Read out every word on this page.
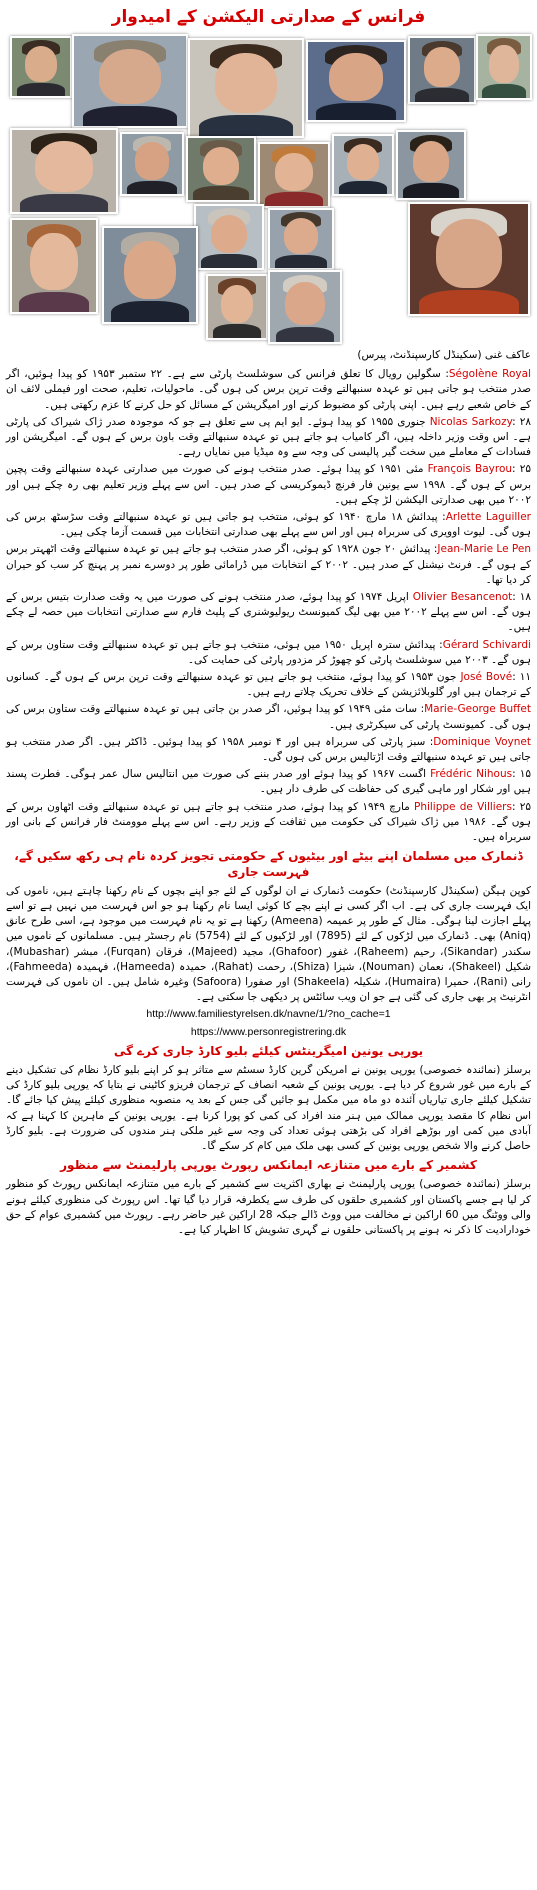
فرانس کے صدارتی الیکشن کے امیدوار

عاکف غنی (سکینڈل کارسپنڈنٹ، پیرس)

Ségolène Royal: سگولین رویال کا تعلق فرانس کی سوشلسٹ پارٹی سے ہے۔ ۲۲ ستمبر ۱۹۵۳ کو پیدا ہوئیں، اگر صدر منتخب ہو جاتی ہیں تو عہدہ سنبھالتے وقت ترپن برس کی ہوں گی۔ ماحولیات، تعلیم، صحت اور فیملی لائف ان کے خاص شعبے رہے ہیں۔ اپنی پارٹی کو مضبوط کرنے اور امیگریشن کے مسائل کو حل کرنے کا عزم رکھتی ہیں۔

Nicolas Sarkozy: ۲۸ جنوری ۱۹۵۵ کو پیدا ہوئے۔ ایو ایم پی سے تعلق ہے جو کہ موجودہ صدر ژاک شیراک کی پارٹی ہے۔ اس وقت وزیر داخلہ ہیں، اگر کامیاب ہو جاتے ہیں تو عہدہ سنبھالتے وقت باون برس کے ہوں گے۔ امیگریشن اور فسادات کے معاملے میں سخت گیر پالیسی کی وجہ سے وہ میڈیا میں نمایاں رہے۔

François Bayrou: ۲۵ مئی ۱۹۵۱ کو پیدا ہوئے۔ صدر منتخب ہونے کی صورت میں صدارتی عہدہ سنبھالتے وقت پچپن برس کے ہوں گے۔ ۱۹۹۸ سے یونین فار فرنچ ڈیموکریسی کے صدر ہیں۔ اس سے پہلے وزیر تعلیم بھی رہ چکے ہیں اور ۲۰۰۲ میں بھی صدارتی الیکشن لڑ چکے ہیں۔

Arlette Laguiller: پیدائش ۱۸ مارچ ۱۹۴۰ کو ہوئی، منتخب ہو جاتی ہیں تو عہدہ سنبھالتے وقت سڑسٹھ برس کی ہوں گی۔ لیوت اوویری کی سربراہ ہیں اور اس سے پہلے بھی صدارتی انتخابات میں قسمت آزما چکی ہیں۔

Jean-Marie Le Pen: پیدائش ۲۰ جون ۱۹۲۸ کو ہوئی، اگر صدر منتخب ہو جاتے ہیں تو عہدہ سنبھالتے وقت اٹھہتر برس کے ہوں گے۔ فرنٹ نیشنل کے صدر ہیں۔ ۲۰۰۲ کے انتخابات میں ڈرامائی طور پر دوسرے نمبر پر پہنچ کر سب کو حیران کر دیا تھا۔

Olivier Besancenot: ۱۸ اپریل ۱۹۷۴ کو پیدا ہوئے، صدر منتخب ہونے کی صورت میں یہ وقت صدارت بتیس برس کے ہوں گے۔ اس سے پہلے ۲۰۰۲ میں بھی لیگ کمیونسٹ ریولیوشنری کے پلیٹ فارم سے صدارتی انتخابات میں حصہ لے چکے ہیں۔

Gérard Schivardi: پیدائش سترہ اپریل ۱۹۵۰ میں ہوئی، منتخب ہو جاتے ہیں تو عہدہ سنبھالتے وقت ستاون برس کے ہوں گے۔ ۲۰۰۳ میں سوشلسٹ پارٹی کو چھوڑ کر مزدور پارٹی کی حمایت کی۔

José Bové: ۱۱ جون ۱۹۵۳ کو پیدا ہوئے، منتخب ہو جاتے ہیں تو عہدہ سنبھالتے وقت ترپن برس کے ہوں گے۔ کسانوں کے ترجمان ہیں اور گلوبلائزیشن کے خلاف تحریک چلاتے رہے ہیں۔

Marie-George Buffet: سات مئی ۱۹۴۹ کو پیدا ہوئیں، اگر صدر بن جاتی ہیں تو عہدہ سنبھالتے وقت ستاون برس کی ہوں گی۔ کمیونسٹ پارٹی کی سیکرٹری ہیں۔

Dominique Voynet: سبز پارٹی کی سربراہ ہیں اور ۴ نومبر ۱۹۵۸ کو پیدا ہوئیں۔ ڈاکٹر ہیں۔ اگر صدر منتخب ہو جاتی ہیں تو عہدہ سنبھالتے وقت اڑتالیس برس کی ہوں گی۔

Frédéric Nihous: ۱۵ اگست ۱۹۶۷ کو پیدا ہوئے اور صدر بننے کی صورت میں انتالیس سال عمر ہوگی۔ فطرت پسند ہیں اور شکار اور ماہی گیری کی حفاظت کی طرف دار ہیں۔

Philippe de Villiers: ۲۵ مارچ ۱۹۴۹ کو پیدا ہوئے، صدر منتخب ہو جاتے ہیں تو عہدہ سنبھالتے وقت اٹھاون برس کے ہوں گے۔ ۱۹۸۶ میں ژاک شیراک کی حکومت میں ثقافت کے وزیر رہے۔ اس سے پہلے موومنٹ فار فرانس کے بانی اور سربراہ ہیں۔

ڈنمارک میں مسلمان اپنے بیٹے اور بیٹیوں کے حکومتی تجویز کردہ نام ہی رکھ سکیں گے، فہرست جاری

کوپن ہیگن (سکینڈل کارسپنڈنٹ) حکومت ڈنمارک نے ان لوگوں کے لئے جو اپنے بچوں کے نام رکھنا چاہتے ہیں، ناموں کی ایک فہرست جاری کی ہے۔ اب اگر کسی نے اپنے بچے کا کوئی ایسا نام رکھنا ہو جو اس فہرست میں نہیں ہے تو اسے پہلے اجازت لینا ہوگی۔ مثال کے طور پر عمیمہ (Ameena) رکھنا ہے تو یہ نام فہرست میں موجود ہے، اسی طرح عانق (Aniq) بھی۔ ڈنمارک میں لڑکوں کے لئے (7895) اور لڑکیوں کے لئے (5754) نام رجسٹر ہیں۔ مسلمانوں کے ناموں میں سکندر (Sikandar)، رحیم (Raheem)، غفور (Ghafoor)، مجید (Majeed)، فرقان (Furqan)، مبشر (Mubashar)، شکیل (Shakeel)، نعمان (Nouman)، شیزا (Shiza)، رحمت (Rahat)، حمیدہ (Hameeda)، فہمیدہ (Fahmeeda)، رانی (Rani)، حمیرا (Humaira)، شکیلہ (Shakeela) اور صفورا (Safoora) وغیرہ شامل ہیں۔ ان ناموں کی فہرست انٹرنیٹ پر بھی جاری کی گئی ہے جو ان ویب سائٹس پر دیکھی جا سکتی ہے۔

http://www.familiestyrelsen.dk/navne/1/?no_cache=1

https://www.personregistrering.dk

یورپی یونین امیگرینٹس کیلئے بلیو کارڈ جاری کرے گی

برسلز (نمائندہ خصوصی) یورپی یونین نے امریکن گرین کارڈ سسٹم سے متاثر ہو کر اپنے بلیو کارڈ نظام کی تشکیل دینے کے بارے میں غور شروع کر دیا ہے۔ یورپی یونین کے شعبہ انصاف کے ترجمان فریزو کاٹینی نے بتایا کہ یورپی بلیو کارڈ کی تشکیل کیلئے جاری تیاریاں آئندہ دو ماہ میں مکمل ہو جائیں گی جس کے بعد یہ منصوبہ منظوری کیلئے پیش کیا جائے گا۔ اس نظام کا مقصد یورپی ممالک میں ہنر مند افراد کی کمی کو پورا کرنا ہے۔ یورپی یونین کے ماہرین کا کہنا ہے کہ آبادی میں کمی اور بوڑھے افراد کی بڑھتی ہوئی تعداد کی وجہ سے غیر ملکی ہنر مندوں کی ضرورت ہے۔ بلیو کارڈ حاصل کرنے والا شخص یورپی یونین کے کسی بھی ملک میں کام کر سکے گا۔

کشمیر کے بارے میں متنازعہ ایمانکس رپورٹ یورپی پارلیمنٹ سے منظور

برسلز (نمائندہ خصوصی) یورپی پارلیمنٹ نے بھاری اکثریت سے کشمیر کے بارے میں متنازعہ ایمانکس رپورٹ کو منظور کر لیا ہے جسے پاکستان اور کشمیری حلقوں کی طرف سے یکطرفہ قرار دیا گیا تھا۔ اس رپورٹ کی منظوری کیلئے ہونے والی ووٹنگ میں 60 اراکین نے مخالفت میں ووٹ ڈالے جبکہ 28 اراکین غیر حاضر رہے۔ رپورٹ میں کشمیری عوام کے حق خودارادیت کا ذکر نہ ہونے پر پاکستانی حلقوں نے گہری تشویش کا اظہار کیا ہے۔
